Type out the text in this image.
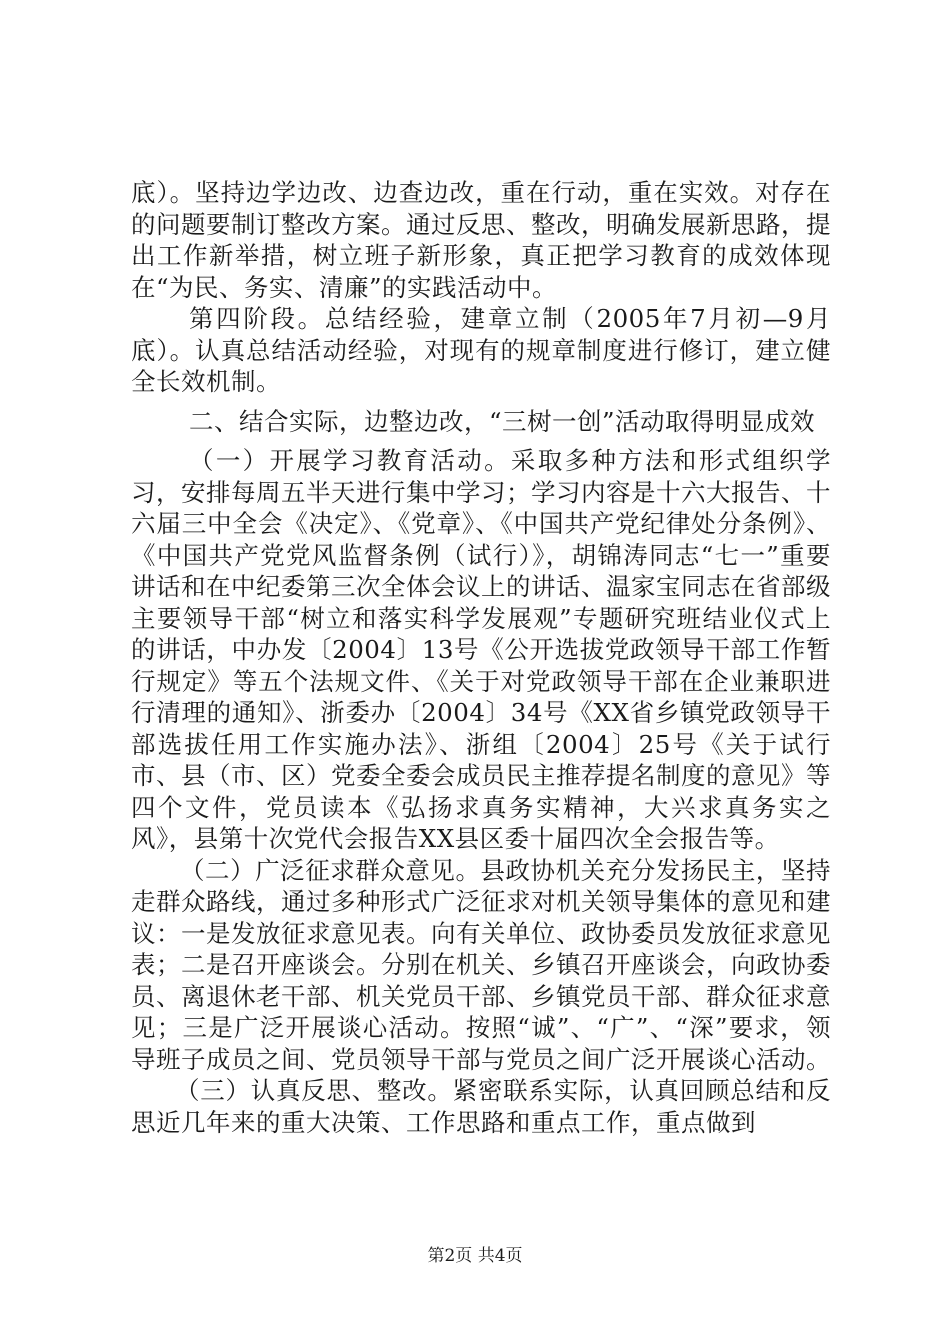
底）。坚持边学边改、边查边改，重在行动，重在实效。对存在的问题要制订整改方案。通过反思、整改，明确发展新思路，提出工作新举措，树立班子新形象，真正把学习教育的成效体现在“为民、务实、清廉”的实践活动中。

第四阶段。总结经验，建章立制（2005年7月初—9月底）。认真总结活动经验，对现有的规章制度进行修订，建立健全长效机制。

二、结合实际，边整边改，“三树一创”活动取得明显成效

（一）开展学习教育活动。采取多种方法和形式组织学习，安排每周五半天进行集中学习；学习内容是十六大报告、十六届三中全会《决定》、《党章》、《中国共产党纪律处分条例》、《中国共产党党风监督条例（试行）》，胡锦涛同志“七一”重要讲话和在中纪委第三次全体会议上的讲话、温家宝同志在省部级主要领导干部“树立和落实科学发展观”专题研究班结业仪式上的讲话，中办发〔2004〕13号《公开选拔党政领导干部工作暂行规定》等五个法规文件、《关于对党政领导干部在企业兼职进行清理的通知》、浙委办〔2004〕34号《XX省乡镇党政领导干部选拔任用工作实施办法》、浙组〔2004〕25号《关于试行市、县（市、区）党委全委会成员民主推荐提名制度的意见》等四个文件，党员读本《弘扬求真务实精神，大兴求真务实之风》，县第十次党代会报告XX县区委十届四次全会报告等。

（二）广泛征求群众意见。县政协机关充分发扬民主，坚持走群众路线，通过多种形式广泛征求对机关领导集体的意见和建议：一是发放征求意见表。向有关单位、政协委员发放征求意见表；二是召开座谈会。分别在机关、乡镇召开座谈会，向政协委员、离退休老干部、机关党员干部、乡镇党员干部、群众征求意见；三是广泛开展谈心活动。按照“诚”、“广”、“深”要求，领导班子成员之间、党员领导干部与党员之间广泛开展谈心活动。

（三）认真反思、整改。紧密联系实际，认真回顾总结和反思近几年来的重大决策、工作思路和重点工作，重点做到

第2页 共4页
